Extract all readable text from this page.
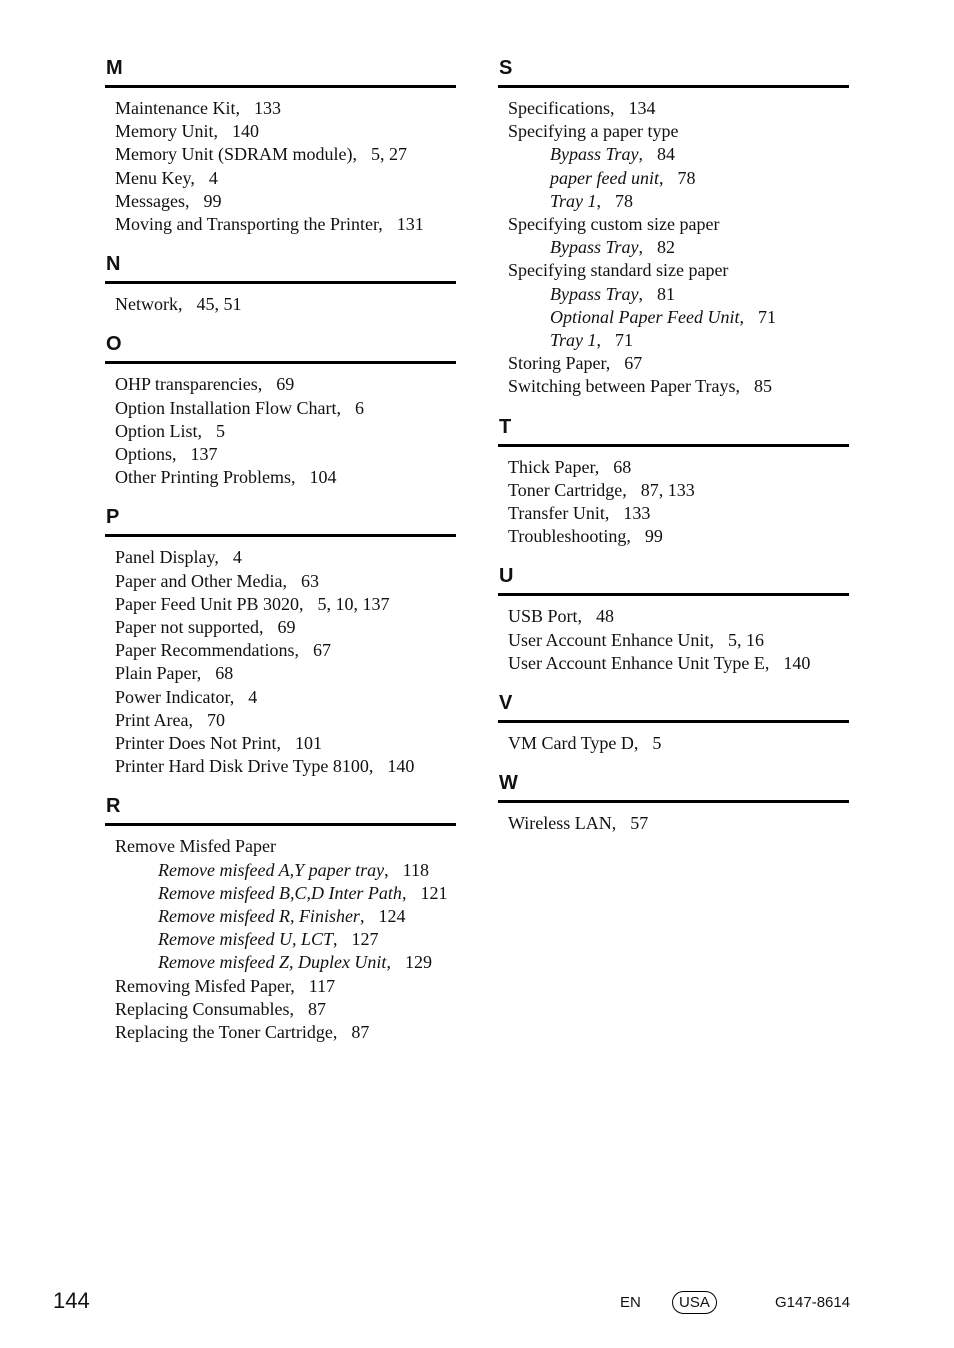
M
Maintenance Kit, 133
Memory Unit, 140
Memory Unit (SDRAM module), 5, 27
Menu Key, 4
Messages, 99
Moving and Transporting the Printer, 131
N
Network, 45, 51
O
OHP transparencies, 69
Option Installation Flow Chart, 6
Option List, 5
Options, 137
Other Printing Problems, 104
P
Panel Display, 4
Paper and Other Media, 63
Paper Feed Unit PB 3020, 5, 10, 137
Paper not supported, 69
Paper Recommendations, 67
Plain Paper, 68
Power Indicator, 4
Print Area, 70
Printer Does Not Print, 101
Printer Hard Disk Drive Type 8100, 140
R
Remove Misfed Paper
Remove misfeed A,Y paper tray, 118
Remove misfeed B,C,D Inter Path, 121
Remove misfeed R, Finisher, 124
Remove misfeed U, LCT, 127
Remove misfeed Z, Duplex Unit, 129
Removing Misfed Paper, 117
Replacing Consumables, 87
Replacing the Toner Cartridge, 87
S
Specifications, 134
Specifying a paper type
Bypass Tray, 84
paper feed unit, 78
Tray 1, 78
Specifying custom size paper
Bypass Tray, 82
Specifying standard size paper
Bypass Tray, 81
Optional Paper Feed Unit, 71
Tray 1, 71
Storing Paper, 67
Switching between Paper Trays, 85
T
Thick Paper, 68
Toner Cartridge, 87, 133
Transfer Unit, 133
Troubleshooting, 99
U
USB Port, 48
User Account Enhance Unit, 5, 16
User Account Enhance Unit Type E, 140
V
VM Card Type D, 5
W
Wireless LAN, 57
144	EN	USA	G147-8614
